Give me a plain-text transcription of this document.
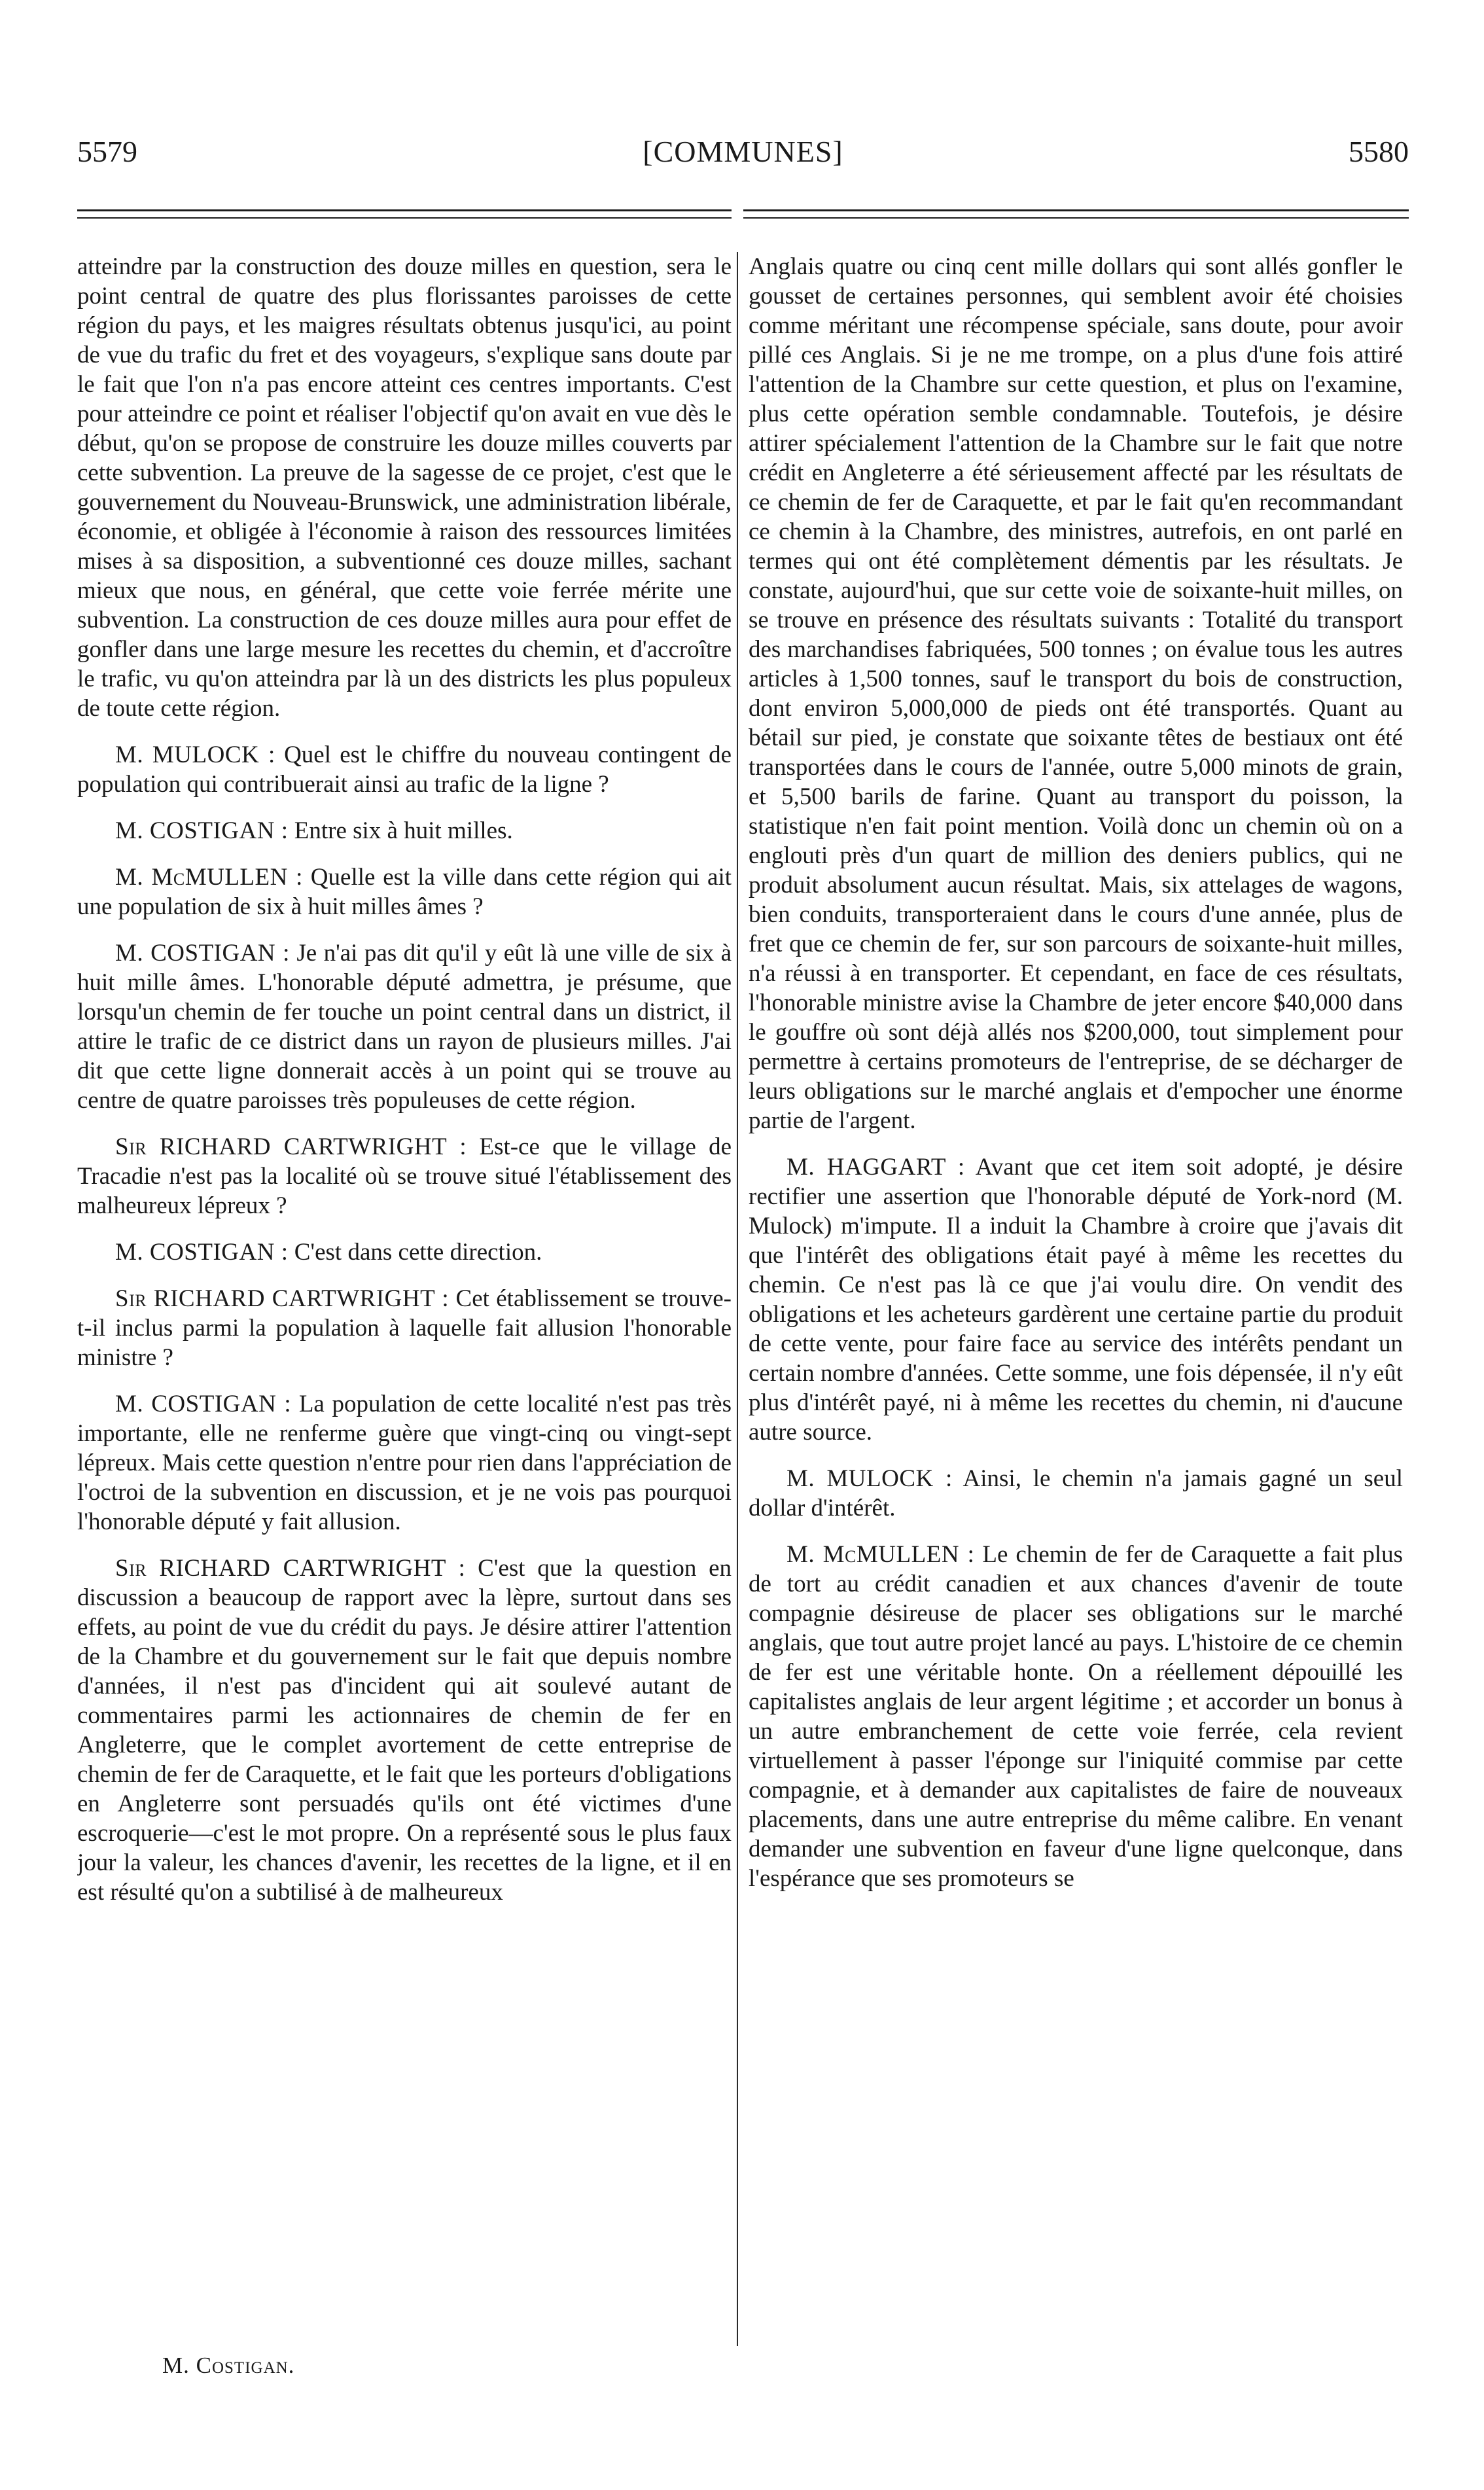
5579	[COMMUNES]	5580

atteindre par la construction des douze milles en question, sera le point central de quatre des plus florissantes paroisses de cette région du pays, et les maigres résultats obtenus jusqu'ici, au point de vue du trafic du fret et des voyageurs, s'explique sans doute par le fait que l'on n'a pas encore atteint ces centres importants. C'est pour atteindre ce point et réaliser l'objectif qu'on avait en vue dès le début, qu'on se propose de construire les douze milles couverts par cette subvention. La preuve de la sagesse de ce projet, c'est que le gouvernement du Nouveau-Brunswick, une administration libérale, économie, et obligée à l'économie à raison des ressources limitées mises à sa disposition, a subventionné ces douze milles, sachant mieux que nous, en général, que cette voie ferrée mérite une subvention. La construction de ces douze milles aura pour effet de gonfler dans une large mesure les recettes du chemin, et d'accroître le trafic, vu qu'on atteindra par là un des districts les plus populeux de toute cette région.

M. MULOCK : Quel est le chiffre du nouveau contingent de population qui contribuerait ainsi au trafic de la ligne ?

M. COSTIGAN : Entre six à huit milles.

M. McMULLEN : Quelle est la ville dans cette région qui ait une population de six à huit milles âmes ?

M. COSTIGAN : Je n'ai pas dit qu'il y eût là une ville de six à huit mille âmes. L'honorable député admettra, je présume, que lorsqu'un chemin de fer touche un point central dans un district, il attire le trafic de ce district dans un rayon de plusieurs milles. J'ai dit que cette ligne donnerait accès à un point qui se trouve au centre de quatre paroisses très populeuses de cette région.

Sir RICHARD CARTWRIGHT : Est-ce que le village de Tracadie n'est pas la localité où se trouve situé l'établissement des malheureux lépreux ?

M. COSTIGAN : C'est dans cette direction.

Sir RICHARD CARTWRIGHT : Cet établissement se trouve-t-il inclus parmi la population à laquelle fait allusion l'honorable ministre ?

M. COSTIGAN : La population de cette localité n'est pas très importante, elle ne renferme guère que vingt-cinq ou vingt-sept lépreux. Mais cette question n'entre pour rien dans l'appréciation de l'octroi de la subvention en discussion, et je ne vois pas pourquoi l'honorable député y fait allusion.

Sir RICHARD CARTWRIGHT : C'est que la question en discussion a beaucoup de rapport avec la lèpre, surtout dans ses effets, au point de vue du crédit du pays. Je désire attirer l'attention de la Chambre et du gouvernement sur le fait que depuis nombre d'années, il n'est pas d'incident qui ait soulevé autant de commentaires parmi les actionnaires de chemin de fer en Angleterre, que le complet avortement de cette entreprise de chemin de fer de Caraquette, et le fait que les porteurs d'obligations en Angleterre sont persuadés qu'ils ont été victimes d'une escroquerie—c'est le mot propre. On a représenté sous le plus faux jour la valeur, les chances d'avenir, les recettes de la ligne, et il en est résulté qu'on a subtilisé à de malheureux

Anglais quatre ou cinq cent mille dollars qui sont allés gonfler le gousset de certaines personnes, qui semblent avoir été choisies comme méritant une récompense spéciale, sans doute, pour avoir pillé ces Anglais. Si je ne me trompe, on a plus d'une fois attiré l'attention de la Chambre sur cette question, et plus on l'examine, plus cette opération semble condamnable. Toutefois, je désire attirer spécialement l'attention de la Chambre sur le fait que notre crédit en Angleterre a été sérieusement affecté par les résultats de ce chemin de fer de Caraquette, et par le fait qu'en recommandant ce chemin à la Chambre, des ministres, autrefois, en ont parlé en termes qui ont été complètement démentis par les résultats. Je constate, aujourd'hui, que sur cette voie de soixante-huit milles, on se trouve en présence des résultats suivants : Totalité du transport des marchandises fabriquées, 500 tonnes ; on évalue tous les autres articles à 1,500 tonnes, sauf le transport du bois de construction, dont environ 5,000,000 de pieds ont été transportés. Quant au bétail sur pied, je constate que soixante têtes de bestiaux ont été transportées dans le cours de l'année, outre 5,000 minots de grain, et 5,500 barils de farine. Quant au transport du poisson, la statistique n'en fait point mention. Voilà donc un chemin où on a englouti près d'un quart de million des deniers publics, qui ne produit absolument aucun résultat. Mais, six attelages de wagons, bien conduits, transporteraient dans le cours d'une année, plus de fret que ce chemin de fer, sur son parcours de soixante-huit milles, n'a réussi à en transporter. Et cependant, en face de ces résultats, l'honorable ministre avise la Chambre de jeter encore $40,000 dans le gouffre où sont déjà allés nos $200,000, tout simplement pour permettre à certains promoteurs de l'entreprise, de se décharger de leurs obligations sur le marché anglais et d'empocher une énorme partie de l'argent.

M. HAGGART : Avant que cet item soit adopté, je désire rectifier une assertion que l'honorable député de York-nord (M. Mulock) m'impute. Il a induit la Chambre à croire que j'avais dit que l'intérêt des obligations était payé à même les recettes du chemin. Ce n'est pas là ce que j'ai voulu dire. On vendit des obligations et les acheteurs gardèrent une certaine partie du produit de cette vente, pour faire face au service des intérêts pendant un certain nombre d'années. Cette somme, une fois dépensée, il n'y eût plus d'intérêt payé, ni à même les recettes du chemin, ni d'aucune autre source.

M. MULOCK : Ainsi, le chemin n'a jamais gagné un seul dollar d'intérêt.

M. McMULLEN : Le chemin de fer de Caraquette a fait plus de tort au crédit canadien et aux chances d'avenir de toute compagnie désireuse de placer ses obligations sur le marché anglais, que tout autre projet lancé au pays. L'histoire de ce chemin de fer est une véritable honte. On a réellement dépouillé les capitalistes anglais de leur argent légitime ; et accorder un bonus à un autre embranchement de cette voie ferrée, cela revient virtuellement à passer l'éponge sur l'iniquité commise par cette compagnie, et à demander aux capitalistes de faire de nouveaux placements, dans une autre entreprise du même calibre. En venant demander une subvention en faveur d'une ligne quelconque, dans l'espérance que ses promoteurs se

M. Costigan.
